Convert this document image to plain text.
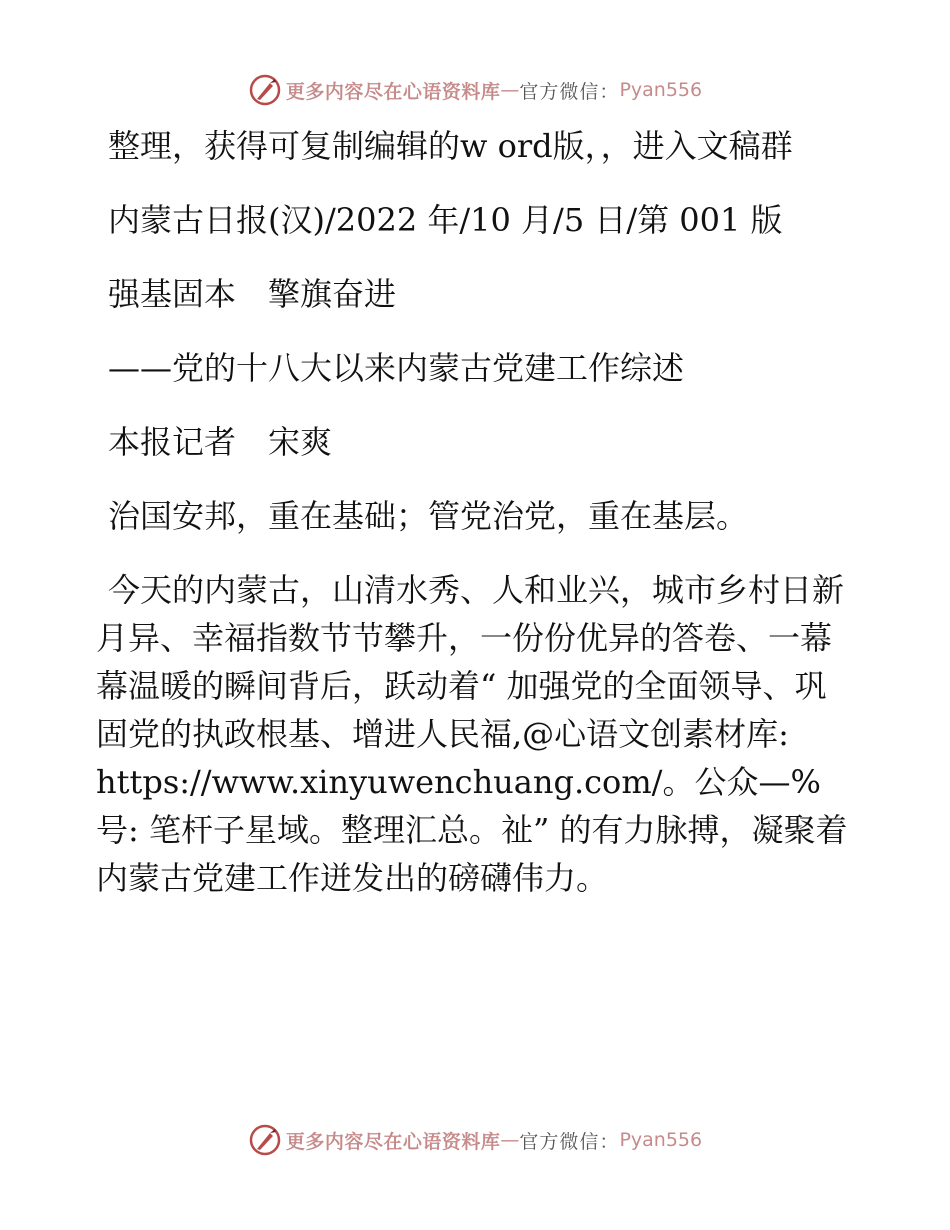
更多内容尽在心语资料库 — 官方微信： Pyan556

整理，获得可复制编辑的w ord版，，进入文稿群

内蒙古日报(汉)/2022 年/10 月/5 日/第 001 版

强基固本　擎旗奋进

——党的十八大以来内蒙古党建工作综述

本报记者　宋爽

治国安邦，重在基础；管党治党，重在基层。

今天的内蒙古，山清水秀、人和业兴，城市乡村日新月异、幸福指数节节攀升，一份份优异的答卷、一幕幕温暖的瞬间背后，跃动着“ 加强党的全面领导、巩固党的执政根基、增进人民福,@心语文创素材库: https://www.xinyuwenchuang.com/。公众—%号: 笔杆子星域。整理汇总。祉” 的有力脉搏，凝聚着内蒙古党建工作迸发出的磅礴伟力。

更多内容尽在心语资料库 — 官方微信： Pyan556
